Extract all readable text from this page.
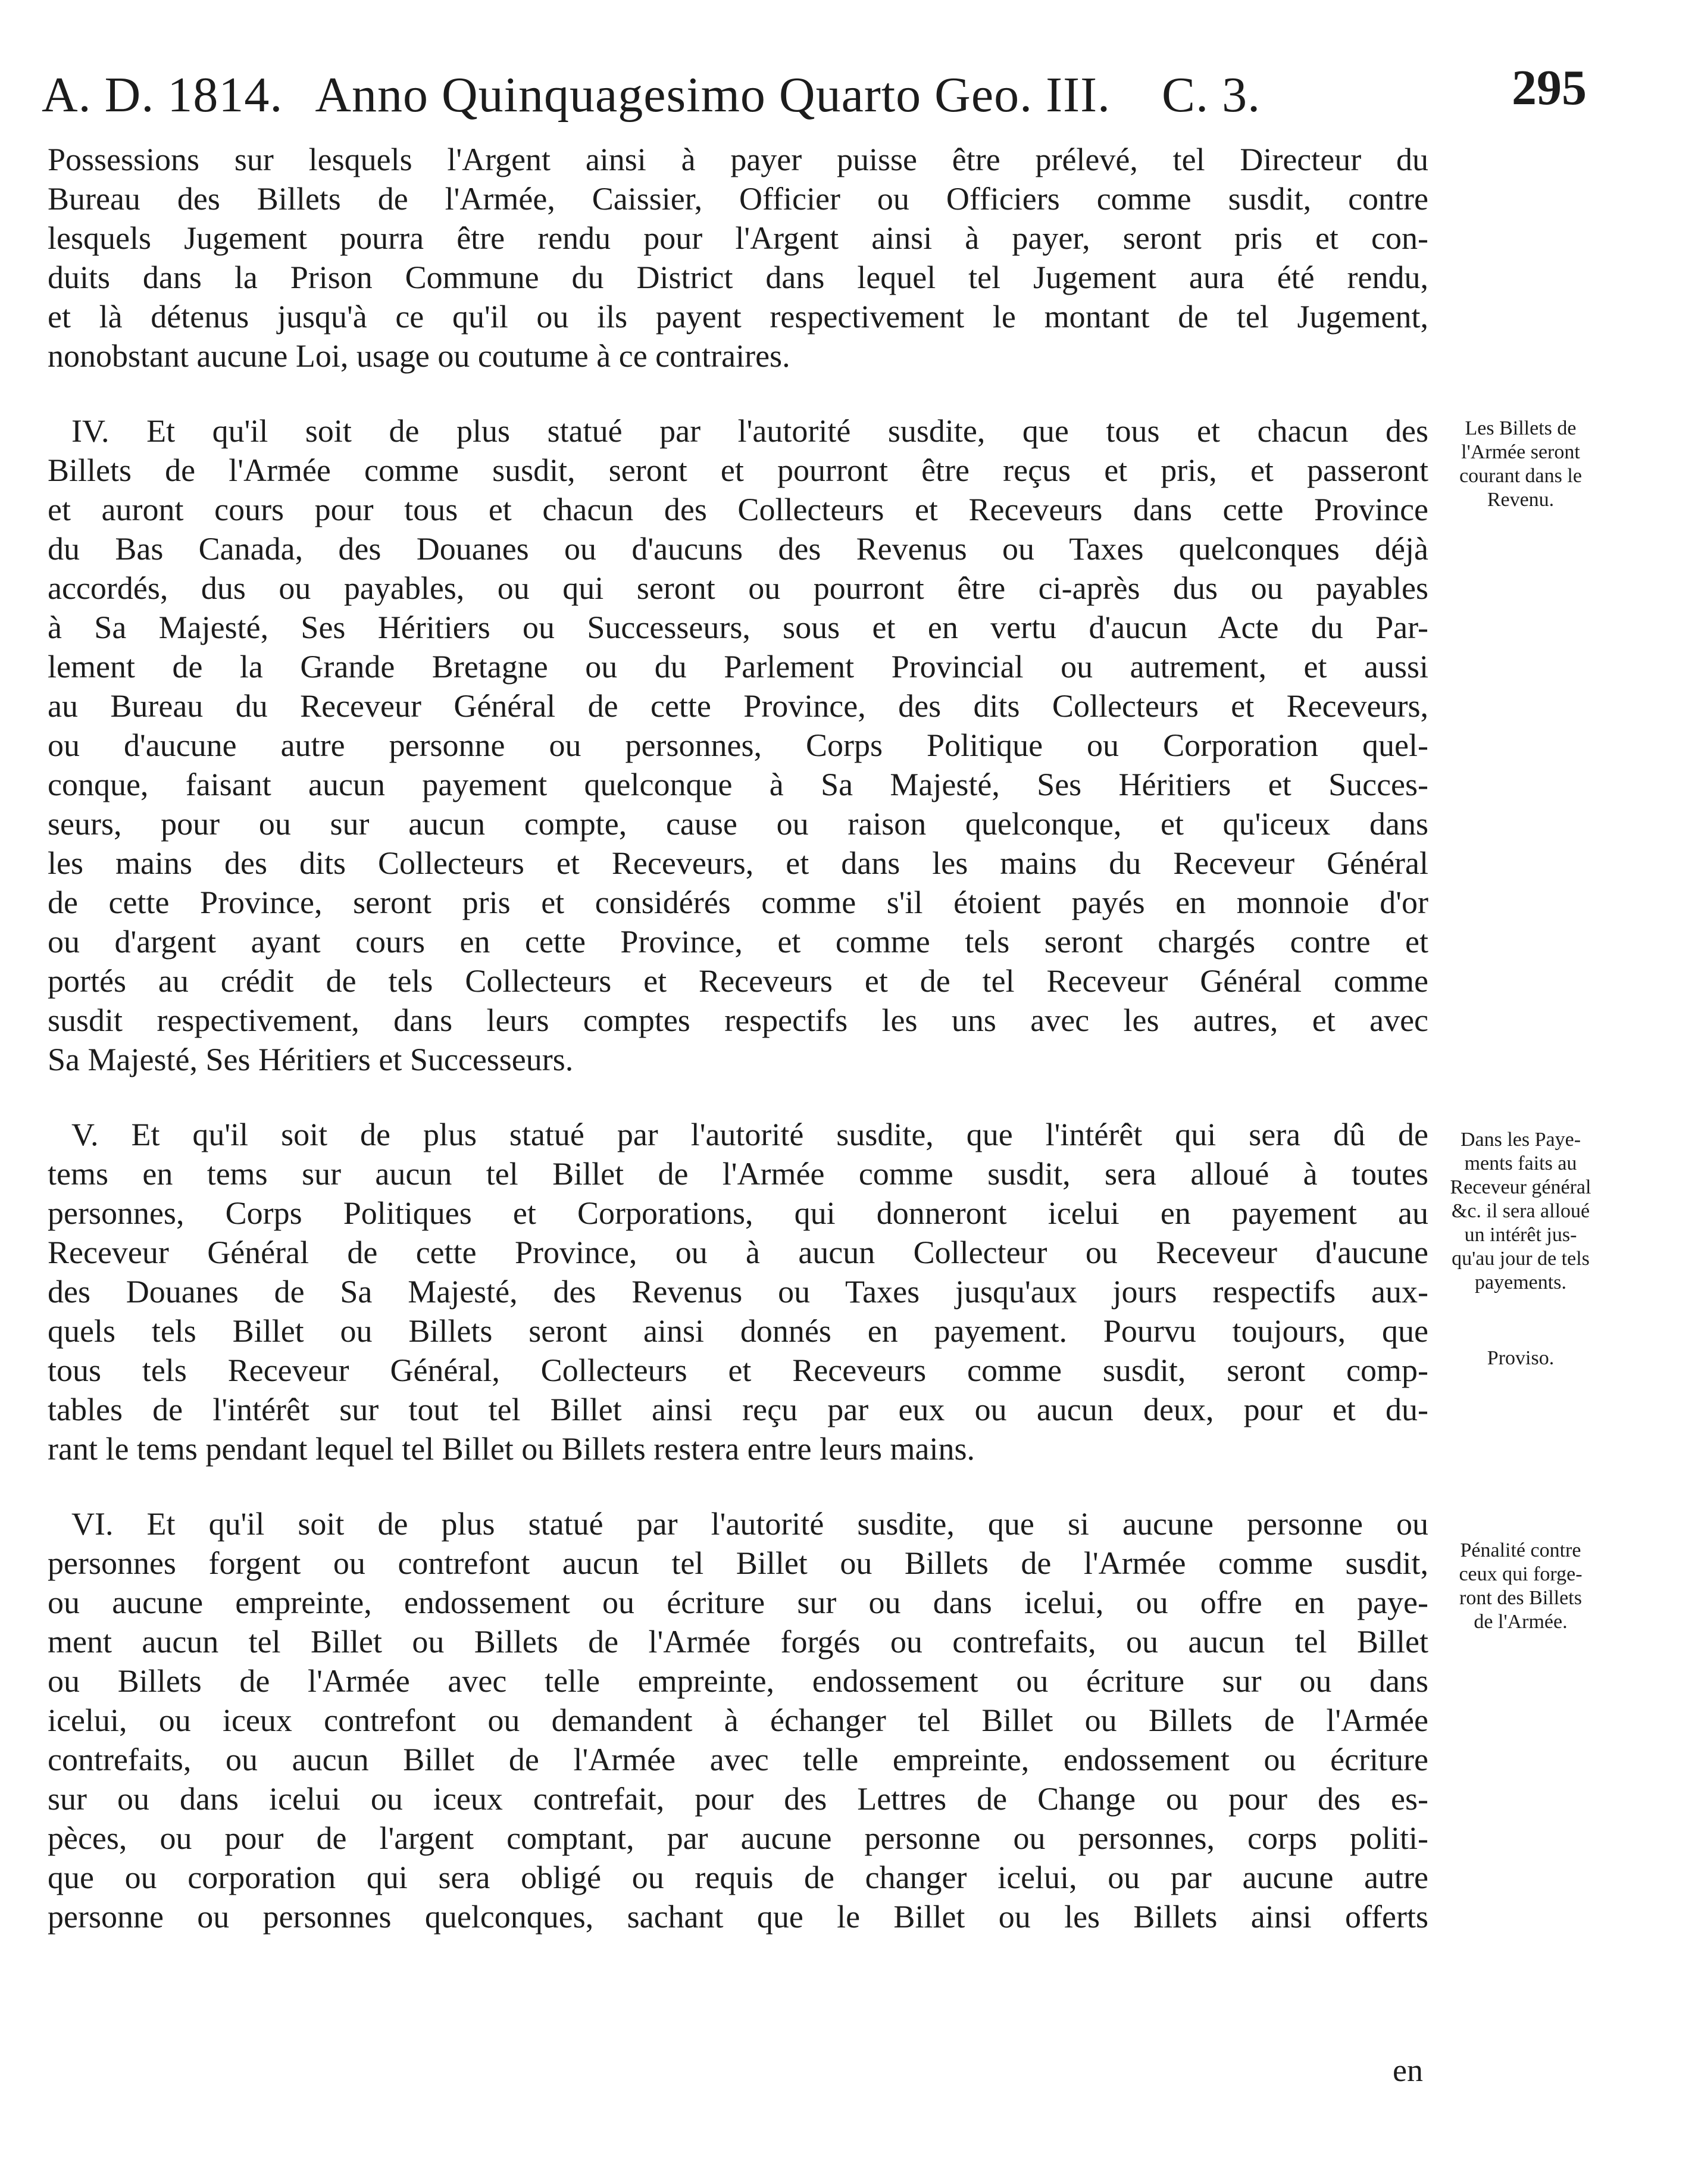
A. D. 1814. Anno Quinquagesimo Quarto Geo. III. C. 3.	295

Possessions sur lesquels l'Argent ainsi à payer puisse être prélevé, tel Directeur du

Bureau des Billets de l'Armée, Caissier, Officier ou Officiers comme susdit, contre

lesquels Jugement pourra être rendu pour l'Argent ainsi à payer, seront pris et con-

duits dans la Prison Commune du District dans lequel tel Jugement aura été rendu,

et là détenus jusqu'à ce qu'il ou ils payent respectivement le montant de tel Jugement,

nonobstant aucune Loi, usage ou coutume à ce contraires.

IV. Et qu'il soit de plus statué par l'autorité susdite, que tous et chacun des

Billets de l'Armée comme susdit, seront et pourront être reçus et pris, et passeront

et auront cours pour tous et chacun des Collecteurs et Receveurs dans cette Province

du Bas Canada, des Douanes ou d'aucuns des Revenus ou Taxes quelconques déjà

accordés, dus ou payables, ou qui seront ou pourront être ci-après dus ou payables

à Sa Majesté, Ses Héritiers ou Successeurs, sous et en vertu d'aucun Acte du Par-

lement de la Grande Bretagne ou du Parlement Provincial ou autrement, et aussi

au Bureau du Receveur Général de cette Province, des dits Collecteurs et Receveurs,

ou d'aucune autre personne ou personnes, Corps Politique ou Corporation quel-

conque, faisant aucun payement quelconque à Sa Majesté, Ses Héritiers et Succes-

seurs, pour ou sur aucun compte, cause ou raison quelconque, et qu'iceux dans

les mains des dits Collecteurs et Receveurs, et dans les mains du Receveur Général

de cette Province, seront pris et considérés comme s'il étoient payés en monnoie d'or

ou d'argent ayant cours en cette Province, et comme tels seront chargés contre et

portés au crédit de tels Collecteurs et Receveurs et de tel Receveur Général comme

susdit respectivement, dans leurs comptes respectifs les uns avec les autres, et avec

Sa Majesté, Ses Héritiers et Successeurs.

V. Et qu'il soit de plus statué par l'autorité susdite, que l'intérêt qui sera dû de

tems en tems sur aucun tel Billet de l'Armée comme susdit, sera alloué à toutes

personnes, Corps Politiques et Corporations, qui donneront icelui en payement au

Receveur Général de cette Province, ou à aucun Collecteur ou Receveur d'aucune

des Douanes de Sa Majesté, des Revenus ou Taxes jusqu'aux jours respectifs aux-

quels tels Billet ou Billets seront ainsi donnés en payement. Pourvu toujours, que

tous tels Receveur Général, Collecteurs et Receveurs comme susdit, seront comp-

tables de l'intérêt sur tout tel Billet ainsi reçu par eux ou aucun deux, pour et du-

rant le tems pendant lequel tel Billet ou Billets restera entre leurs mains.

VI. Et qu'il soit de plus statué par l'autorité susdite, que si aucune personne ou

personnes forgent ou contrefont aucun tel Billet ou Billets de l'Armée comme susdit,

ou aucune empreinte, endossement ou écriture sur ou dans icelui, ou offre en paye-

ment aucun tel Billet ou Billets de l'Armée forgés ou contrefaits, ou aucun tel Billet

ou Billets de l'Armée avec telle empreinte, endossement ou écriture sur ou dans

icelui, ou iceux contrefont ou demandent à échanger tel Billet ou Billets de l'Armée

contrefaits, ou aucun Billet de l'Armée avec telle empreinte, endossement ou écriture

sur ou dans icelui ou iceux contrefait, pour des Lettres de Change ou pour des es-

pèces, ou pour de l'argent comptant, par aucune personne ou personnes, corps politi-

que ou corporation qui sera obligé ou requis de changer icelui, ou par aucune autre

personne ou personnes quelconques, sachant que le Billet ou les Billets ainsi offerts

en
Les Billets de
l'Armée seront
courant dans le
Revenu.
Dans les Paye-
ments faits au
Receveur général
&c. il sera alloué
un intérêt jus-
qu'au jour de tels
payements.
Proviso.
Pénalité contre
ceux qui forge-
ront des Billets
de l'Armée.
